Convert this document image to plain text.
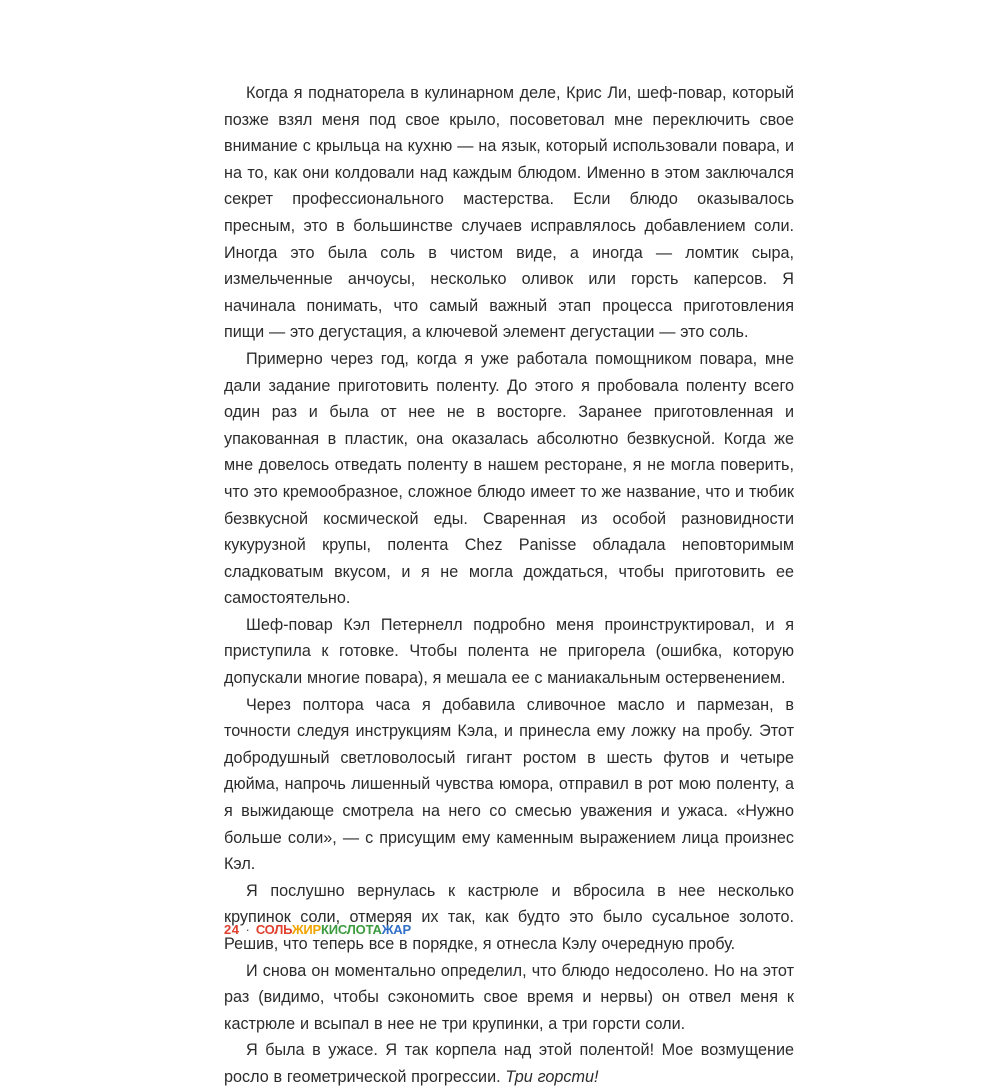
Когда я поднаторела в кулинарном деле, Крис Ли, шеф-повар, который позже взял меня под свое крыло, посоветовал мне переключить свое внимание с крыльца на кухню — на язык, который использовали повара, и на то, как они колдовали над каждым блюдом. Именно в этом заключался секрет профессионального мастерства. Если блюдо оказывалось пресным, это в большинстве случаев исправлялось добавлением соли. Иногда это была соль в чистом виде, а иногда — ломтик сыра, измельченные анчоусы, несколько оливок или горсть каперсов. Я начинала понимать, что самый важный этап процесса приготовления пищи — это дегустация, а ключевой элемент дегустации — это соль.

Примерно через год, когда я уже работала помощником повара, мне дали задание приготовить поленту. До этого я пробовала поленту всего один раз и была от нее не в восторге. Заранее приготовленная и упакованная в пластик, она оказалась абсолютно безвкусной. Когда же мне довелось отведать поленту в нашем ресторане, я не могла поверить, что это кремообразное, сложное блюдо имеет то же название, что и тюбик безвкусной космической еды. Сваренная из особой разновидности кукурузной крупы, полента Chez Panisse обладала неповторимым сладковатым вкусом, и я не могла дождаться, чтобы приготовить ее самостоятельно.

Шеф-повар Кэл Петернелл подробно меня проинструктировал, и я приступила к готовке. Чтобы полента не пригорела (ошибка, которую допускали многие повара), я мешала ее с маниакальным остервенением.

Через полтора часа я добавила сливочное масло и пармезан, в точности следуя инструкциям Кэла, и принесла ему ложку на пробу. Этот добродушный светловолосый гигант ростом в шесть футов и четыре дюйма, напрочь лишенный чувства юмора, отправил в рот мою поленту, а я выжидающе смотрела на него со смесью уважения и ужаса. «Нужно больше соли», — с присущим ему каменным выражением лица произнес Кэл.

Я послушно вернулась к кастрюле и вбросила в нее несколько крупинок соли, отмеряя их так, как будто это было сусальное золото. Решив, что теперь все в порядке, я отнесла Кэлу очередную пробу.

И снова он моментально определил, что блюдо недосолено. Но на этот раз (видимо, чтобы сэкономить свое время и нервы) он отвел меня к кастрюле и всыпал в нее не три крупинки, а три горсти соли.

Я была в ужасе. Я так корпела над этой полентой! Мое возмущение росло в геометрической прогрессии. Три горсти!

24 · СОЛЬЖИРКИСЛОТАЖАР
